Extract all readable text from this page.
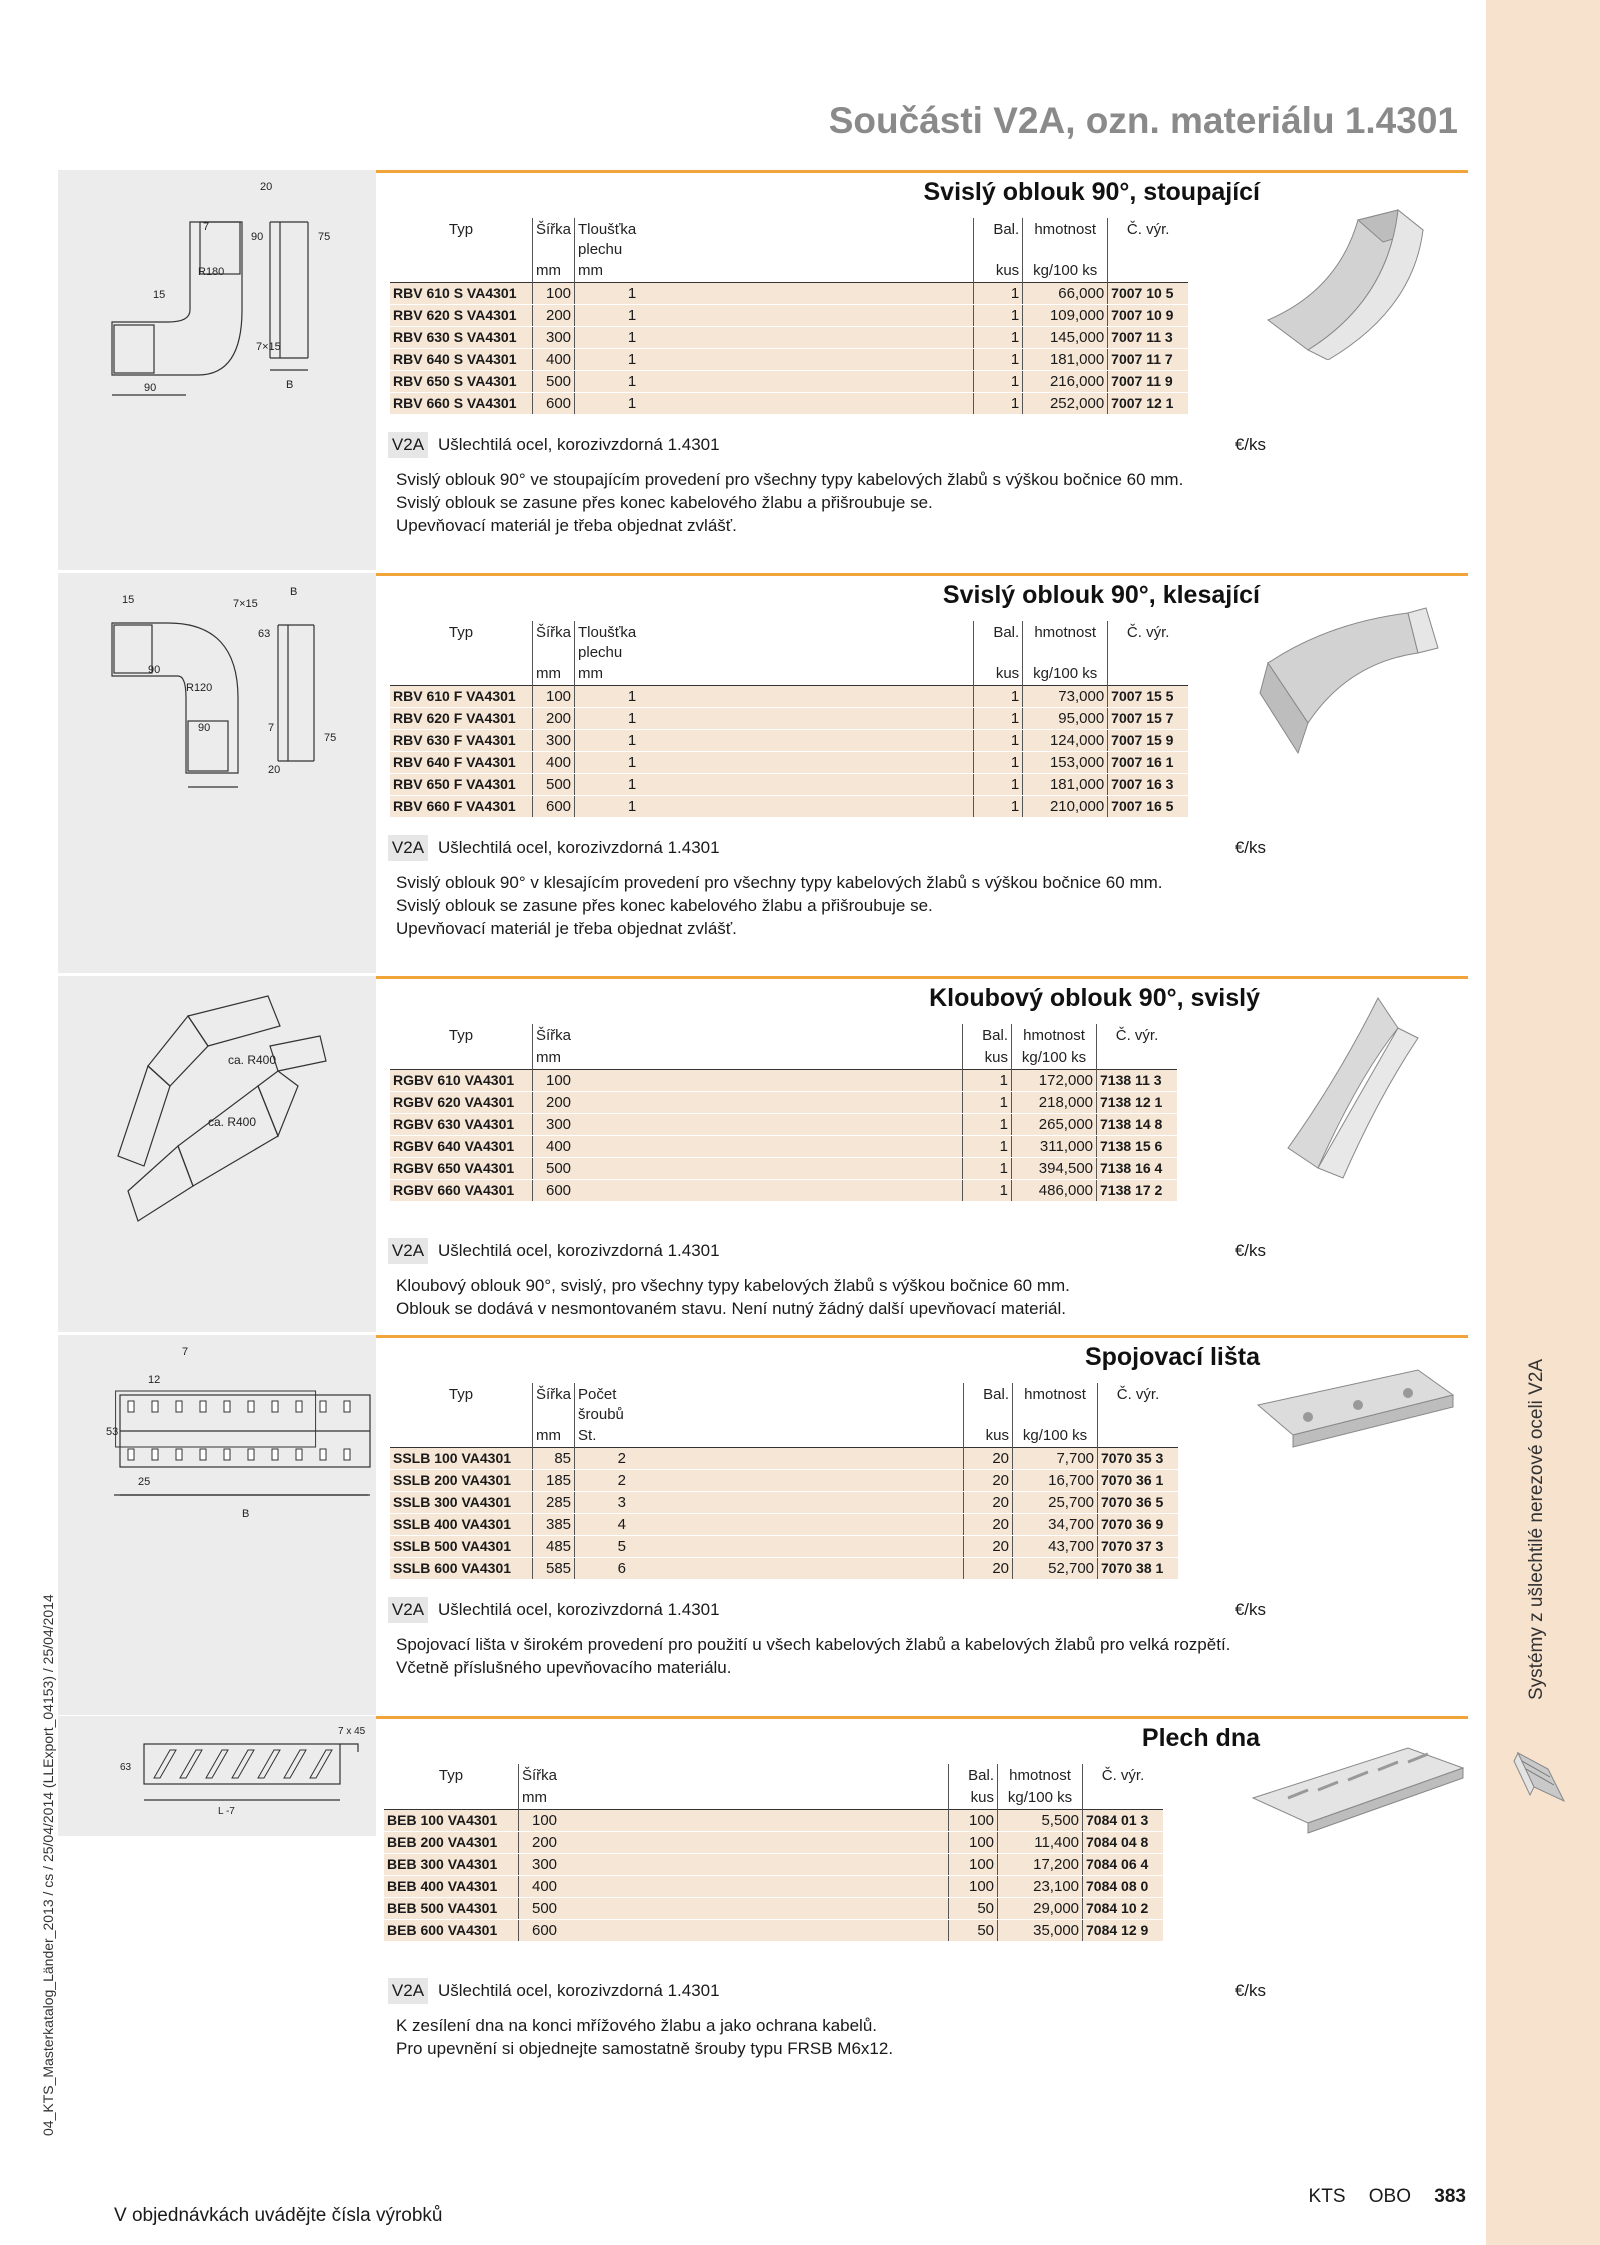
Systémy z ušlechtilé nerezové oceli V2A
04_KTS_Masterkatalog_Länder_2013 / cs / 25/04/2014 (LLExport_04153) / 25/04/2014
Součásti V2A, ozn. materiálu 1.4301
20
7
90	75
R180
15
7×15
90	B
Svislý oblouk 90°, stoupající
Typ	Šířka	Tloušťka
plechu		Bal.	hmotnost	Č. výr.
	mm	mm		kus	kg/100 ks	
RBV 610 S VA4301	100	1		1	66,000	7007 10 5
RBV 620 S VA4301	200	1		1	109,000	7007 10 9
RBV 630 S VA4301	300	1		1	145,000	7007 11 3
RBV 640 S VA4301	400	1		1	181,000	7007 11 7
RBV 650 S VA4301	500	1		1	216,000	7007 11 9
RBV 660 S VA4301	600	1		1	252,000	7007 12 1
V2A Ušlechtilá ocel, korozivzdorná 1.4301	€/ks
Svislý oblouk 90° ve stoupajícím provedení pro všechny typy kabelových žlabů s výškou bočnice 60 mm.
Svislý oblouk se zasune přes konec kabelového žlabu a přišroubuje se.
Upevňovací materiál je třeba objednat zvlášť.
15	7×15
B
63
90
R120
90	7
75
20
Svislý oblouk 90°, klesající
Typ	Šířka	Tloušťka
plechu		Bal.	hmotnost	Č. výr.
	mm	mm		kus	kg/100 ks	
RBV 610 F VA4301	100	1		1	73,000	7007 15 5
RBV 620 F VA4301	200	1		1	95,000	7007 15 7
RBV 630 F VA4301	300	1		1	124,000	7007 15 9
RBV 640 F VA4301	400	1		1	153,000	7007 16 1
RBV 650 F VA4301	500	1		1	181,000	7007 16 3
RBV 660 F VA4301	600	1		1	210,000	7007 16 5
V2A Ušlechtilá ocel, korozivzdorná 1.4301	€/ks
Svislý oblouk 90° v klesajícím provedení pro všechny typy kabelových žlabů s výškou bočnice 60 mm.
Svislý oblouk se zasune přes konec kabelového žlabu a přišroubuje se.
Upevňovací materiál je třeba objednat zvlášť.
ca. R400
ca. R400
Kloubový oblouk 90°, svislý
Typ	Šířka			Bal.	hmotnost	Č. výr.
	mm			kus	kg/100 ks	
RGBV 610 VA4301	100			1	172,000	7138 11 3
RGBV 620 VA4301	200			1	218,000	7138 12 1
RGBV 630 VA4301	300			1	265,000	7138 14 8
RGBV 640 VA4301	400			1	311,000	7138 15 6
RGBV 650 VA4301	500			1	394,500	7138 16 4
RGBV 660 VA4301	600			1	486,000	7138 17 2
V2A Ušlechtilá ocel, korozivzdorná 1.4301	€/ks
Kloubový oblouk 90°, svislý, pro všechny typy kabelových žlabů s výškou bočnice 60 mm.
Oblouk se dodává v nesmontovaném stavu. Není nutný žádný další upevňovací materiál.
7
12
53
25
B
Spojovací lišta
Typ	Šířka	Počet
šroubů		Bal.	hmotnost	Č. výr.
	mm	St.		kus	kg/100 ks	
SSLB 100 VA4301	85	2		20	7,700	7070 35 3
SSLB 200 VA4301	185	2		20	16,700	7070 36 1
SSLB 300 VA4301	285	3		20	25,700	7070 36 5
SSLB 400 VA4301	385	4		20	34,700	7070 36 9
SSLB 500 VA4301	485	5		20	43,700	7070 37 3
SSLB 600 VA4301	585	6		20	52,700	7070 38 1
V2A Ušlechtilá ocel, korozivzdorná 1.4301	€/ks
Spojovací lišta v širokém provedení pro použití u všech kabelových žlabů a kabelových žlabů pro velká rozpětí.
Včetně příslušného upevňovacího materiálu.
7 x 45
63
L -7
Plech dna
Typ	Šířka			Bal.	hmotnost	Č. výr.
	mm			kus	kg/100 ks	
BEB 100 VA4301	100			100	5,500	7084 01 3
BEB 200 VA4301	200			100	11,400	7084 04 8
BEB 300 VA4301	300			100	17,200	7084 06 4
BEB 400 VA4301	400			100	23,100	7084 08 0
BEB 500 VA4301	500			50	29,000	7084 10 2
BEB 600 VA4301	600			50	35,000	7084 12 9
V2A Ušlechtilá ocel, korozivzdorná 1.4301	€/ks
K zesílení dna na konci mřížového žlabu a jako ochrana kabelů.
Pro upevnění si objednejte samostatně šrouby typu FRSB M6x12.
V objednávkách uvádějte čísla výrobků
KTS OBO 383
